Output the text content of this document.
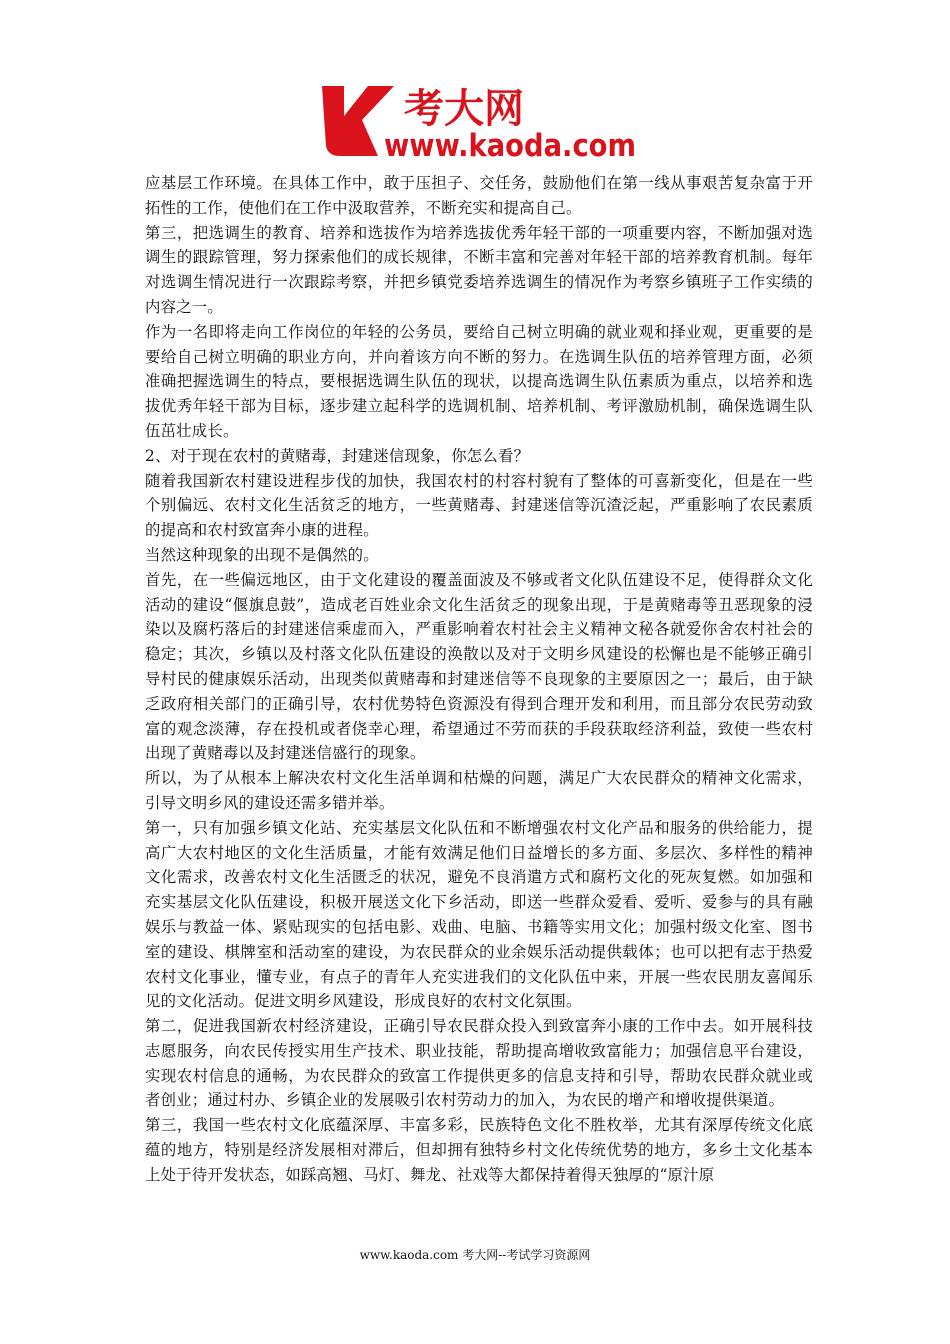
考大网
www.kaoda.com

应基层工作环境。在具体工作中，敢于压担子、交任务，鼓励他们在第一线从事艰苦复杂富于开拓性的工作，使他们在工作中汲取营养，不断充实和提高自己。

第三，把选调生的教育、培养和选拔作为培养选拔优秀年轻干部的一项重要内容，不断加强对选调生的跟踪管理，努力探索他们的成长规律，不断丰富和完善对年轻干部的培养教育机制。每年对选调生情况进行一次跟踪考察，并把乡镇党委培养选调生的情况作为考察乡镇班子工作实绩的内容之一。

作为一名即将走向工作岗位的年轻的公务员，要给自己树立明确的就业观和择业观，更重要的是要给自己树立明确的职业方向，并向着该方向不断的努力。在选调生队伍的培养管理方面，必须准确把握选调生的特点，要根据选调生队伍的现状，以提高选调生队伍素质为重点，以培养和选拔优秀年轻干部为目标，逐步建立起科学的选调机制、培养机制、考评激励机制，确保选调生队伍茁壮成长。

2、对于现在农村的黄赌毒，封建迷信现象，你怎么看？

随着我国新农村建设进程步伐的加快，我国农村的村容村貌有了整体的可喜新变化，但是在一些个别偏远、农村文化生活贫乏的地方，一些黄赌毒、封建迷信等沉渣泛起，严重影响了农民素质的提高和农村致富奔小康的进程。

当然这种现象的出现不是偶然的。

首先，在一些偏远地区，由于文化建设的覆盖面波及不够或者文化队伍建设不足，使得群众文化活动的建设“偃旗息鼓”，造成老百姓业余文化生活贫乏的现象出现，于是黄赌毒等丑恶现象的浸染以及腐朽落后的封建迷信乘虚而入，严重影响着农村社会主义精神文秘各就爱你舍农村社会的稳定；其次，乡镇以及村落文化队伍建设的涣散以及对于文明乡风建设的松懈也是不能够正确引导村民的健康娱乐活动，出现类似黄赌毒和封建迷信等不良现象的主要原因之一；最后，由于缺乏政府相关部门的正确引导，农村优势特色资源没有得到合理开发和利用，而且部分农民劳动致富的观念淡薄，存在投机或者侥幸心理，希望通过不劳而获的手段获取经济利益，致使一些农村出现了黄赌毒以及封建迷信盛行的现象。

所以，为了从根本上解决农村文化生活单调和枯燥的问题，满足广大农民群众的精神文化需求，引导文明乡风的建设还需多错并举。

第一，只有加强乡镇文化站、充实基层文化队伍和不断增强农村文化产品和服务的供给能力，提高广大农村地区的文化生活质量，才能有效满足他们日益增长的多方面、多层次、多样性的精神文化需求，改善农村文化生活匮乏的状况，避免不良消遣方式和腐朽文化的死灰复燃。如加强和充实基层文化队伍建设，积极开展送文化下乡活动，即送一些群众爱看、爱听、爱参与的具有融娱乐与教益一体、紧贴现实的包括电影、戏曲、电脑、书籍等实用文化；加强村级文化室、图书室的建设、棋牌室和活动室的建设，为农民群众的业余娱乐活动提供载体；也可以把有志于热爱农村文化事业，懂专业，有点子的青年人充实进我们的文化队伍中来，开展一些农民朋友喜闻乐见的文化活动。促进文明乡风建设，形成良好的农村文化氛围。

第二，促进我国新农村经济建设，正确引导农民群众投入到致富奔小康的工作中去。如开展科技志愿服务，向农民传授实用生产技术、职业技能，帮助提高增收致富能力；加强信息平台建设，实现农村信息的通畅，为农民群众的致富工作提供更多的信息支持和引导，帮助农民群众就业或者创业；通过村办、乡镇企业的发展吸引农村劳动力的加入，为农民的增产和增收提供渠道。

第三，我国一些农村文化底蕴深厚、丰富多彩，民族特色文化不胜枚举，尤其有深厚传统文化底蕴的地方，特别是经济发展相对滞后，但却拥有独特乡村文化传统优势的地方，多乡土文化基本上处于待开发状态，如踩高翘、马灯、舞龙、社戏等大都保持着得天独厚的“原汁原

www.kaoda.com 考大网--考试学习资源网
